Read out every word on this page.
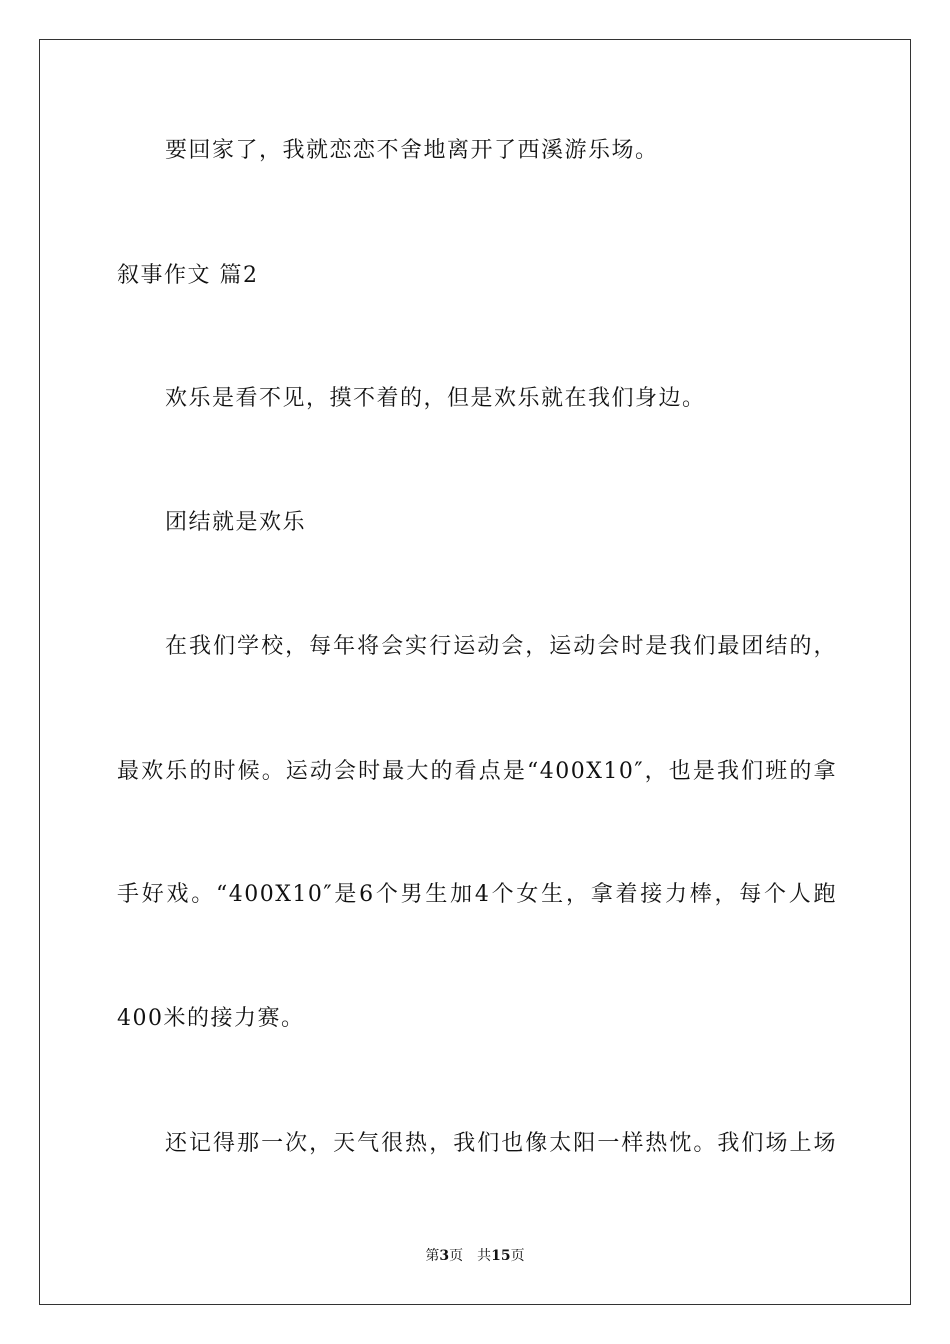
要回家了，我就恋恋不舍地离开了西溪游乐场。
叙事作文 篇2
欢乐是看不见，摸不着的，但是欢乐就在我们身边。
团结就是欢乐
在我们学校，每年将会实行运动会，运动会时是我们最团结的，
最欢乐的时候。运动会时最大的看点是“400X10″，也是我们班的拿
手好戏。“400X10″是6个男生加4个女生，拿着接力棒，每个人跑
400米的接力赛。
还记得那一次，天气很热，我们也像太阳一样热忱。我们场上场
第3页 共15页
